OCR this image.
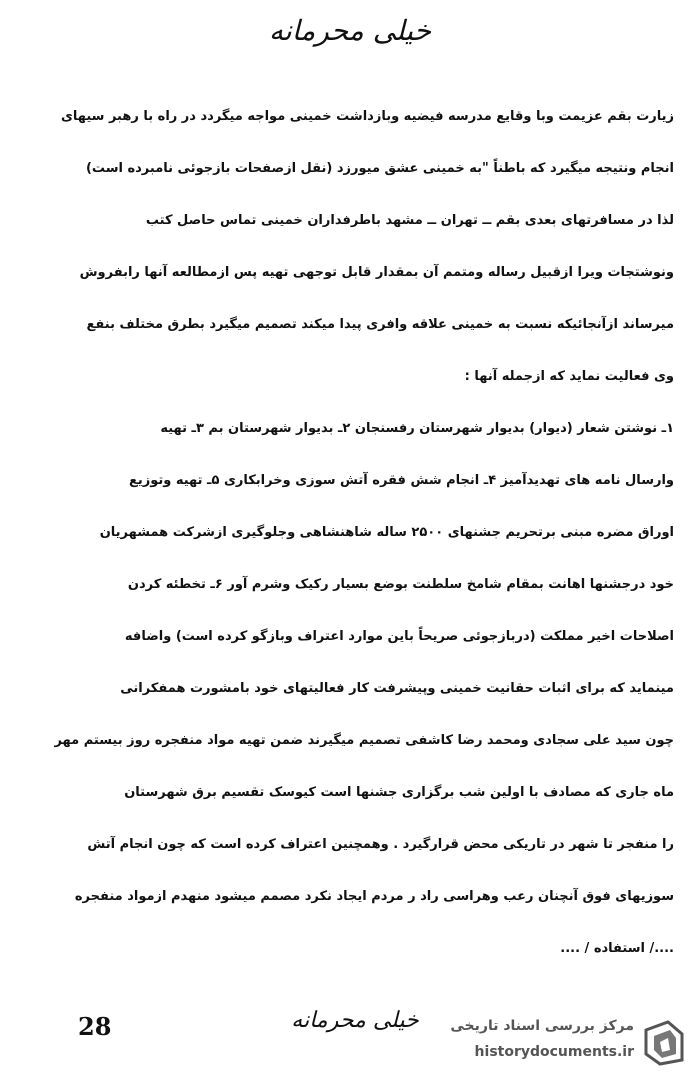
خیلی محرمانه
زیارت بقم عزیمت وبا وقایع مدرسه فیضیه وبازداشت خمینی مواجه میگردد در راه با رهبر سیهای
انجام ونتیجه میگیرد که باطناً "به خمینی عشق میورزد (نقل ازصفحات بازجوئی نامبرده است)
لذا در مسافرتهای بعدی بقم ــ تهران ــ مشهد باطرفداران خمینی تماس حاصل کتب
ونوشتجات ویرا ازقبیل رساله ومتمم آن بمقدار قابل توجهی تهیه پس ازمطالعه آنها رابفروش
میرساند ازآنجائیکه نسبت به خمینی علاقه وافری پیدا میکند تصمیم میگیرد بطرق مختلف بنفع
وی فعالیت نماید که ازجمله آنها :
۱ـ نوشتن شعار (دیوار) بدیوار شهرستان رفسنجان ۲ـ بدیوار شهرستان بم ۳ـ تهیه
وارسال نامه های تهدیدآمیز ۴ـ انجام شش فقره آتش سوزی وخرابکاری ۵ـ تهیه وتوزیع
اوراق مضره مبنی برتحریم جشنهای ۲۵۰۰ ساله شاهنشاهی وجلوگیری ازشرکت همشهریان
خود درجشنها اهانت بمقام شامخ سلطنت بوضع بسیار رکیک وشرم آور ۶ـ تخطئه کردن
اصلاحات اخیر مملکت (دربازجوئی صریحاً باین موارد اعتراف وبازگو کرده است) واضافه
مینماید که برای اثبات حقانیت خمینی وپیشرفت کار فعالیتهای خود بامشورت همفکرانی
چون سید علی سجادی ومحمد رضا کاشفی تصمیم میگیرند ضمن تهیه مواد منفجره روز بیستم مهر
ماه جاری که مصادف با اولین شب برگزاری جشنها است کیوسک تقسیم برق شهرستان
را منفجر تا شهر در تاریکی محض قرارگیرد . وهمچنین اعتراف کرده است که چون انجام آتش
سوزیهای فوق آنچنان رعب وهراسی راد ر مردم ایجاد نکرد مصمم میشود منهدم ازمواد منفجره
..../ استفاده / ....
28	خیلی محرمانه	مرکز بررسی اسناد تاریخی
historydocuments.ir
